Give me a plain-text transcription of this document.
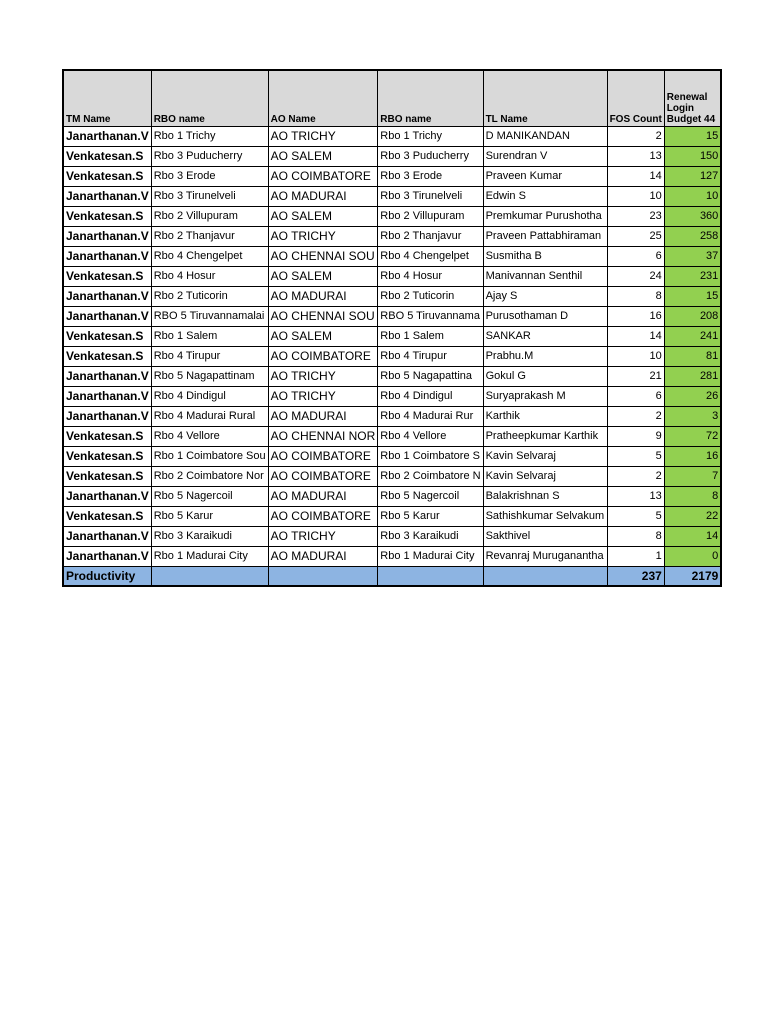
TM Name	RBO name	AO Name	RBO name	TL Name	FOS Count	Renewal Login Budget 44
Janarthanan.V	Rbo 1 Trichy	AO TRICHY	Rbo 1 Trichy	D MANIKANDAN	2	15
Venkatesan.S	Rbo 3 Puducherry	AO SALEM	Rbo 3 Puducherry	Surendran V	13	150
Venkatesan.S	Rbo 3 Erode	AO COIMBATORE	Rbo 3 Erode	Praveen Kumar	14	127
Janarthanan.V	Rbo 3 Tirunelveli	AO MADURAI	Rbo 3 Tirunelveli	Edwin S	10	10
Venkatesan.S	Rbo 2 Villupuram	AO SALEM	Rbo 2 Villupuram	Premkumar Purushotha	23	360
Janarthanan.V	Rbo 2 Thanjavur	AO TRICHY	Rbo 2 Thanjavur	Praveen Pattabhiraman	25	258
Janarthanan.V	Rbo 4 Chengelpet	AO CHENNAI SOU	Rbo 4 Chengelpet	Susmitha B	6	37
Venkatesan.S	Rbo 4 Hosur	AO SALEM	Rbo 4 Hosur	Manivannan Senthil	24	231
Janarthanan.V	Rbo 2 Tuticorin	AO MADURAI	Rbo 2 Tuticorin	Ajay S	8	15
Janarthanan.V	RBO 5 Tiruvannamalai	AO CHENNAI SOU	RBO 5 Tiruvannama	Purusothaman D	16	208
Venkatesan.S	Rbo 1 Salem	AO SALEM	Rbo 1 Salem	SANKAR	14	241
Venkatesan.S	Rbo 4 Tirupur	AO COIMBATORE	Rbo 4 Tirupur	Prabhu.M	10	81
Janarthanan.V	Rbo 5 Nagapattinam	AO TRICHY	Rbo 5 Nagapattina	Gokul G	21	281
Janarthanan.V	Rbo 4 Dindigul	AO TRICHY	Rbo 4 Dindigul	Suryaprakash M	6	26
Janarthanan.V	Rbo 4 Madurai Rural	AO MADURAI	Rbo 4 Madurai Rur	Karthik	2	3
Venkatesan.S	Rbo 4 Vellore	AO CHENNAI NOR	Rbo 4 Vellore	Pratheepkumar Karthik	9	72
Venkatesan.S	Rbo 1 Coimbatore Sou	AO COIMBATORE	Rbo 1 Coimbatore S	Kavin Selvaraj	5	16
Venkatesan.S	Rbo 2 Coimbatore Nor	AO COIMBATORE	Rbo 2 Coimbatore N	Kavin Selvaraj	2	7
Janarthanan.V	Rbo 5 Nagercoil	AO MADURAI	Rbo 5 Nagercoil	Balakrishnan S	13	8
Venkatesan.S	Rbo 5 Karur	AO COIMBATORE	Rbo 5 Karur	Sathishkumar Selvakum	5	22
Janarthanan.V	Rbo 3 Karaikudi	AO TRICHY	Rbo 3 Karaikudi	Sakthivel	8	14
Janarthanan.V	Rbo 1 Madurai City	AO MADURAI	Rbo 1 Madurai City	Revanraj Muruganantha	1	0
Productivity					237	2179
